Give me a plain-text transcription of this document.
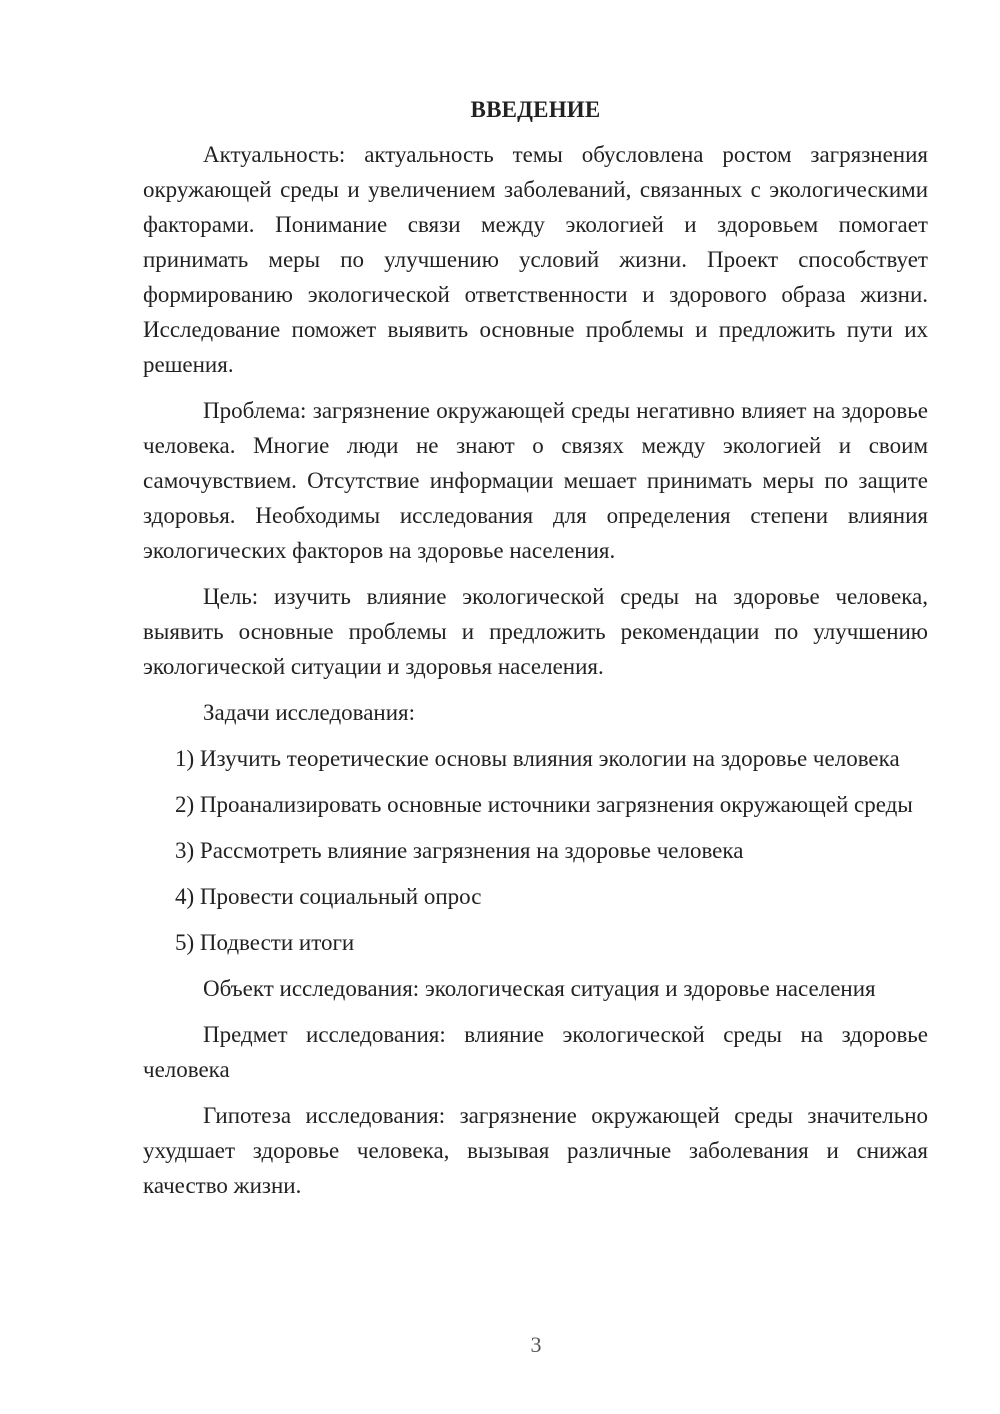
ВВЕДЕНИЕ

Актуальность: актуальность темы обусловлена ростом загрязнения окружающей среды и увеличением заболеваний, связанных с экологическими факторами. Понимание связи между экологией и здоровьем помогает принимать меры по улучшению условий жизни. Проект способствует формированию экологической ответственности и здорового образа жизни. Исследование поможет выявить основные проблемы и предложить пути их решения.

Проблема: загрязнение окружающей среды негативно влияет на здоровье человека. Многие люди не знают о связях между экологией и своим самочувствием. Отсутствие информации мешает принимать меры по защите здоровья. Необходимы исследования для определения степени влияния экологических факторов на здоровье населения.

Цель: изучить влияние экологической среды на здоровье человека, выявить основные проблемы и предложить рекомендации по улучшению экологической ситуации и здоровья населения.

Задачи исследования:

1) Изучить теоретические основы влияния экологии на здоровье человека

2) Проанализировать основные источники загрязнения окружающей среды

3) Рассмотреть влияние загрязнения на здоровье человека

4) Провести социальный опрос

5) Подвести итоги

Объект исследования: экологическая ситуация и здоровье населения

Предмет исследования: влияние экологической среды на здоровье человека

Гипотеза исследования: загрязнение окружающей среды значительно ухудшает здоровье человека, вызывая различные заболевания и снижая качество жизни.

3
